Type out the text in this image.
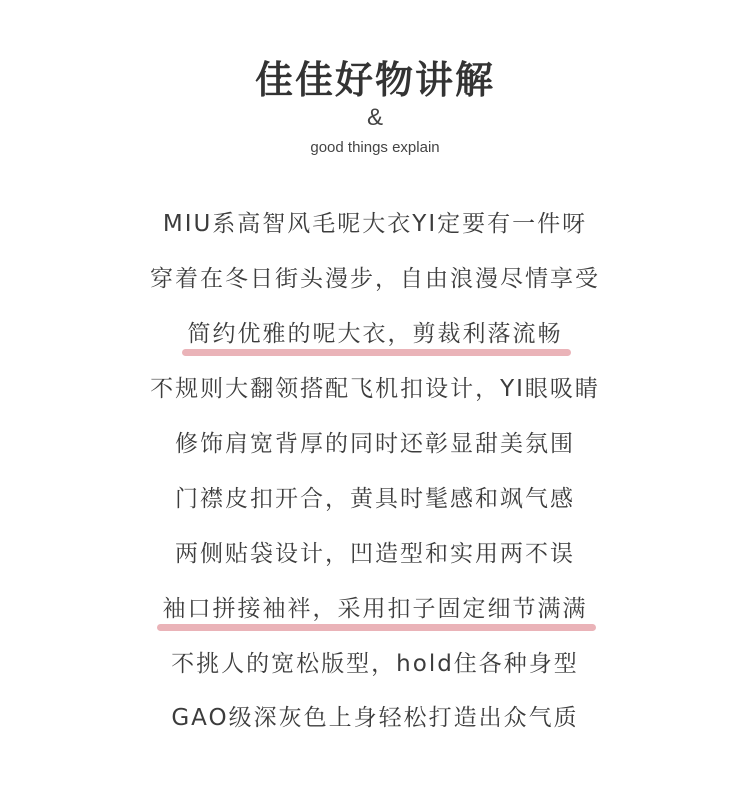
佳佳好物讲解
&
good things explain
MIU系高智风毛呢大衣YI定要有一件呀
穿着在冬日街头漫步，自由浪漫尽情享受
简约优雅的呢大衣，剪裁利落流畅
不规则大翻领搭配飞机扣设计，YI眼吸睛
修饰肩宽背厚的同时还彰显甜美氛围
门襟皮扣开合，黄具时髦感和飒气感
两侧贴袋设计，凹造型和实用两不误
袖口拼接袖袢，采用扣子固定细节满满
不挑人的宽松版型，hold住各种身型
GAO级深灰色上身轻松打造出众气质
